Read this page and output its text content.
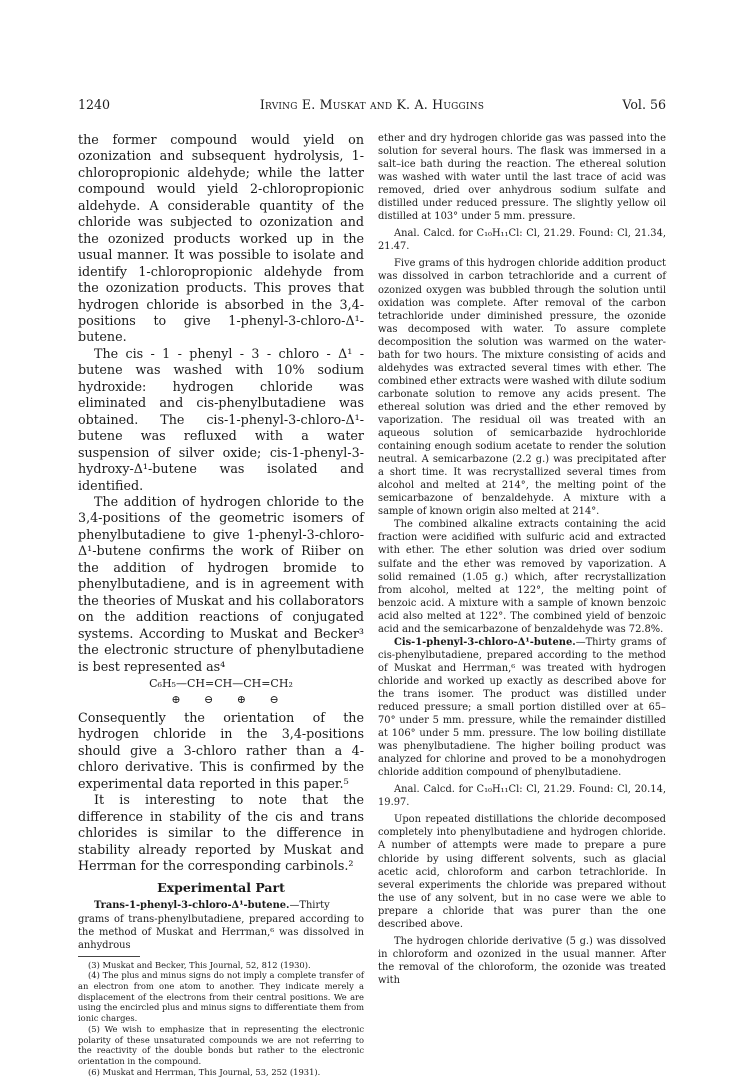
1240	Irving E. Muskat and K. A. Huggins	Vol. 56

the former compound would yield on ozonization and subsequent hydrolysis, 1-chloropropionic aldehyde; while the latter compound would yield 2-chloropropionic aldehyde. A considerable quantity of the chloride was subjected to ozonization and the ozonized products worked up in the usual manner. It was possible to isolate and identify 1-chloropropionic aldehyde from the ozonization products. This proves that hydrogen chloride is absorbed in the 3,4-positions to give 1-phenyl-3-chloro-Δ¹-butene.

The cis - 1 - phenyl - 3 - chloro - Δ¹ - butene was washed with 10% sodium hydroxide: hydrogen chloride was eliminated and cis-phenylbutadiene was obtained. The cis-1-phenyl-3-chloro-Δ¹-butene was refluxed with a water suspension of silver oxide; cis-1-phenyl-3-hydroxy-Δ¹-butene was isolated and identified.

The addition of hydrogen chloride to the 3,4-positions of the geometric isomers of phenylbutadiene to give 1-phenyl-3-chloro-Δ¹-butene confirms the work of Riiber on the addition of hydrogen bromide to phenylbutadiene, and is in agreement with the theories of Muskat and his collaborators on the addition reactions of conjugated systems. According to Muskat and Becker³ the electronic structure of phenylbutadiene is best represented as⁴

C₆H₅—CH=CH—CH=CH₂
⊕ ⊖ ⊕ ⊖

Consequently the orientation of the hydrogen chloride in the 3,4-positions should give a 3-chloro rather than a 4-chloro derivative. This is confirmed by the experimental data reported in this paper.⁵

It is interesting to note that the difference in stability of the cis and trans chlorides is similar to the difference in stability already reported by Muskat and Herrman for the corresponding carbinols.²

Experimental Part

Trans-1-phenyl-3-chloro-Δ¹-butene.—Thirty grams of trans-phenylbutadiene, prepared according to the method of Muskat and Herrman,⁶ was dissolved in anhydrous

(3) Muskat and Becker, This Journal, 52, 812 (1930).

(4) The plus and minus signs do not imply a complete transfer of an electron from one atom to another. They indicate merely a displacement of the electrons from their central positions. We are using the encircled plus and minus signs to differentiate them from ionic charges.

(5) We wish to emphasize that in representing the electronic polarity of these unsaturated compounds we are not referring to the reactivity of the double bonds but rather to the electronic orientation in the compound.

(6) Muskat and Herrman, This Journal, 53, 252 (1931).

ether and dry hydrogen chloride gas was passed into the solution for several hours. The flask was immersed in a salt–ice bath during the reaction. The ethereal solution was washed with water until the last trace of acid was removed, dried over anhydrous sodium sulfate and distilled under reduced pressure. The slightly yellow oil distilled at 103° under 5 mm. pressure.

Anal. Calcd. for C₁₀H₁₁Cl: Cl, 21.29. Found: Cl, 21.34, 21.47.

Five grams of this hydrogen chloride addition product was dissolved in carbon tetrachloride and a current of ozonized oxygen was bubbled through the solution until oxidation was complete. After removal of the carbon tetrachloride under diminished pressure, the ozonide was decomposed with water. To assure complete decomposition the solution was warmed on the water-bath for two hours. The mixture consisting of acids and aldehydes was extracted several times with ether. The combined ether extracts were washed with dilute sodium carbonate solution to remove any acids present. The ethereal solution was dried and the ether removed by vaporization. The residual oil was treated with an aqueous solution of semicarbazide hydrochloride containing enough sodium acetate to render the solution neutral. A semicarbazone (2.2 g.) was precipitated after a short time. It was recrystallized several times from alcohol and melted at 214°, the melting point of the semicarbazone of benzaldehyde. A mixture with a sample of known origin also melted at 214°.

The combined alkaline extracts containing the acid fraction were acidified with sulfuric acid and extracted with ether. The ether solution was dried over sodium sulfate and the ether was removed by vaporization. A solid remained (1.05 g.) which, after recrystallization from alcohol, melted at 122°, the melting point of benzoic acid. A mixture with a sample of known benzoic acid also melted at 122°. The combined yield of benzoic acid and the semicarbazone of benzaldehyde was 72.8%.

Cis-1-phenyl-3-chloro-Δ¹-butene.—Thirty grams of cis-phenylbutadiene, prepared according to the method of Muskat and Herrman,⁶ was treated with hydrogen chloride and worked up exactly as described above for the trans isomer. The product was distilled under reduced pressure; a small portion distilled over at 65–70° under 5 mm. pressure, while the remainder distilled at 106° under 5 mm. pressure. The low boiling distillate was phenylbutadiene. The higher boiling product was analyzed for chlorine and proved to be a monohydrogen chloride addition compound of phenylbutadiene.

Anal. Calcd. for C₁₀H₁₁Cl: Cl, 21.29. Found: Cl, 20.14, 19.97.

Upon repeated distillations the chloride decomposed completely into phenylbutadiene and hydrogen chloride. A number of attempts were made to prepare a pure chloride by using different solvents, such as glacial acetic acid, chloroform and carbon tetrachloride. In several experiments the chloride was prepared without the use of any solvent, but in no case were we able to prepare a chloride that was purer than the one described above.

The hydrogen chloride derivative (5 g.) was dissolved in chloroform and ozonized in the usual manner. After the removal of the chloroform, the ozonide was treated with
